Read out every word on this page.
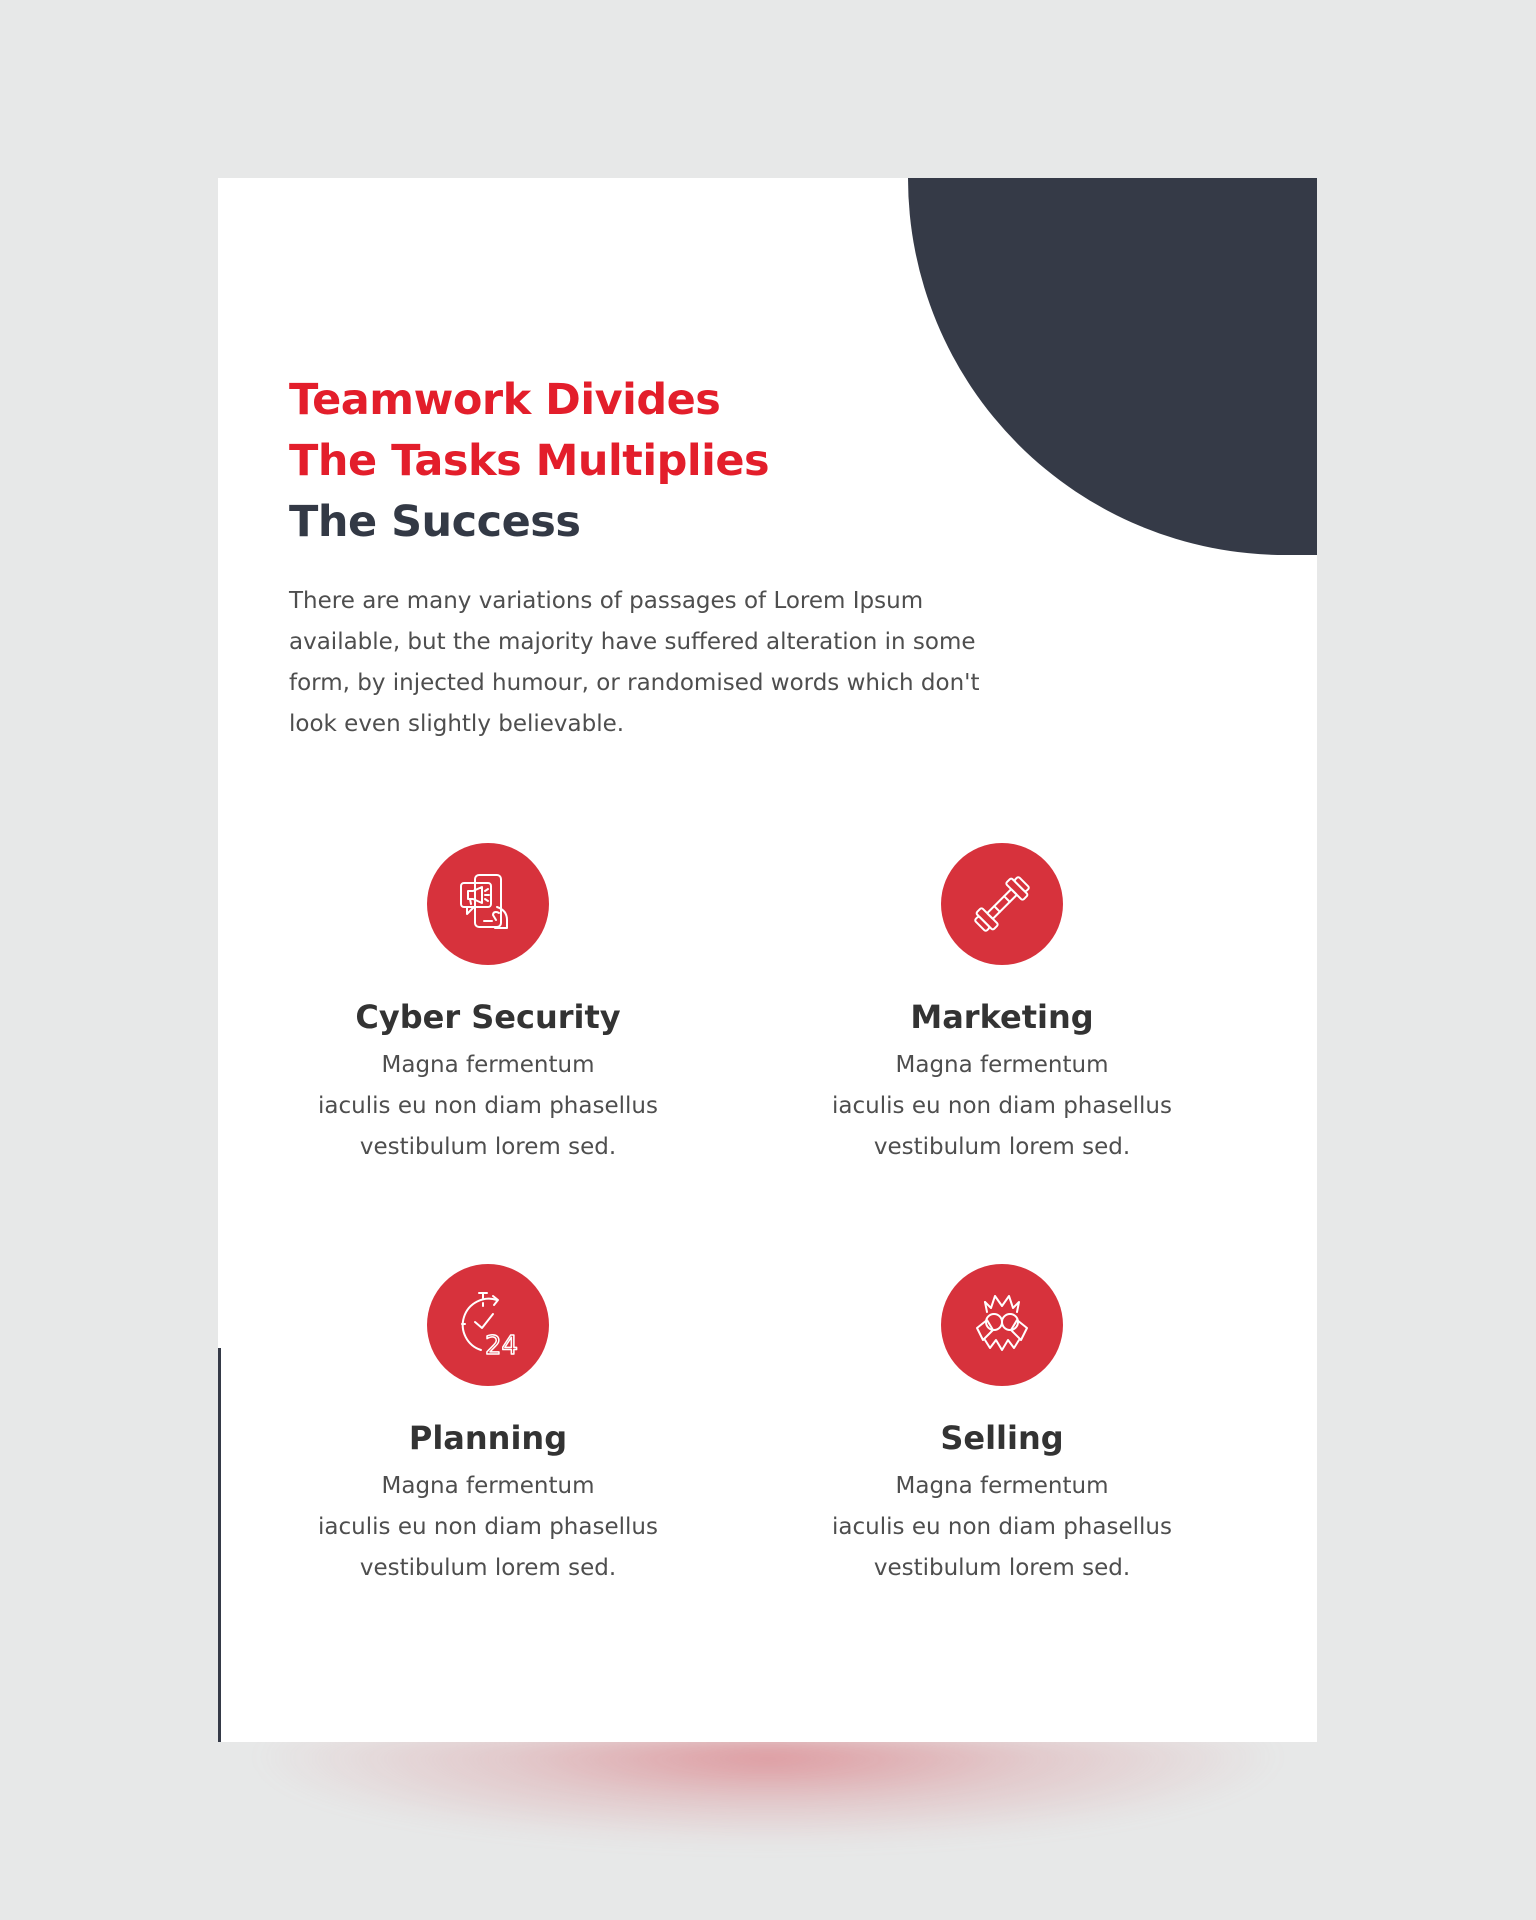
Teamwork Divides
The Tasks Multiplies
The Success

There are many variations of passages of Lorem Ipsum
available, but the majority have suffered alteration in some
form, by injected humour, or randomised words which don't
look even slightly believable.

Cyber Security

Magna fermentum
iaculis eu non diam phasellus
vestibulum lorem sed.

Marketing

Magna fermentum
iaculis eu non diam phasellus
vestibulum lorem sed.

24
Planning

Magna fermentum
iaculis eu non diam phasellus
vestibulum lorem sed.

Selling

Magna fermentum
iaculis eu non diam phasellus
vestibulum lorem sed.
